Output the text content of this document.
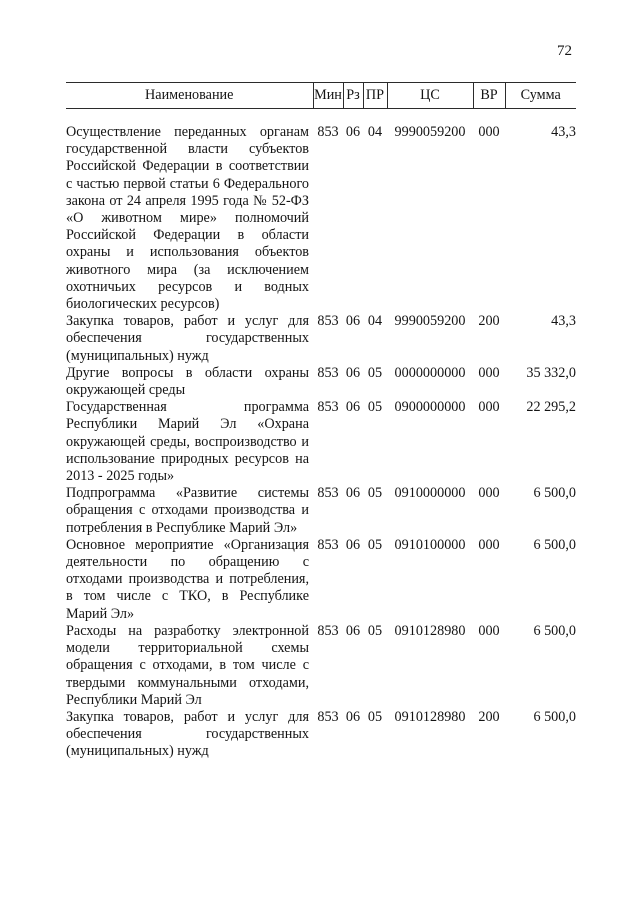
72
Наименование	Мин	Рз	ПР	ЦС	ВР	Сумма

Осуществление переданных органам государственной власти субъектов Российской Федерации в соответствии с частью первой статьи 6 Федерального закона от 24 апреля 1995 года № 52-ФЗ «О животном мире» полномочий Российской Федерации в области охраны и использования объектов животного мира (за исключением охотничьих ресурсов и водных биологических ресурсов)	853	06	04	9990059200	000	43,3
Закупка товаров, работ и услуг для обеспечения государственных (муниципальных) нужд	853	06	04	9990059200	200	43,3
Другие вопросы в области охраны окружающей среды	853	06	05	0000000000	000	35 332,0
Государственная программа Республики Марий Эл «Охрана окружающей среды, воспроизводство и использование природных ресурсов на 2013 - 2025 годы»	853	06	05	0900000000	000	22 295,2
Подпрограмма «Развитие системы обращения с отходами производства и потребления в Республике Марий Эл»	853	06	05	0910000000	000	6 500,0
Основное мероприятие «Организация деятельности по обращению с отходами производства и потребления, в том числе с ТКО, в Республике Марий Эл»	853	06	05	0910100000	000	6 500,0
Расходы на разработку электронной модели территориальной схемы обращения с отходами, в том числе с твердыми коммунальными отходами, Республики Марий Эл	853	06	05	0910128980	000	6 500,0
Закупка товаров, работ и услуг для обеспечения государственных (муниципальных) нужд	853	06	05	0910128980	200	6 500,0
